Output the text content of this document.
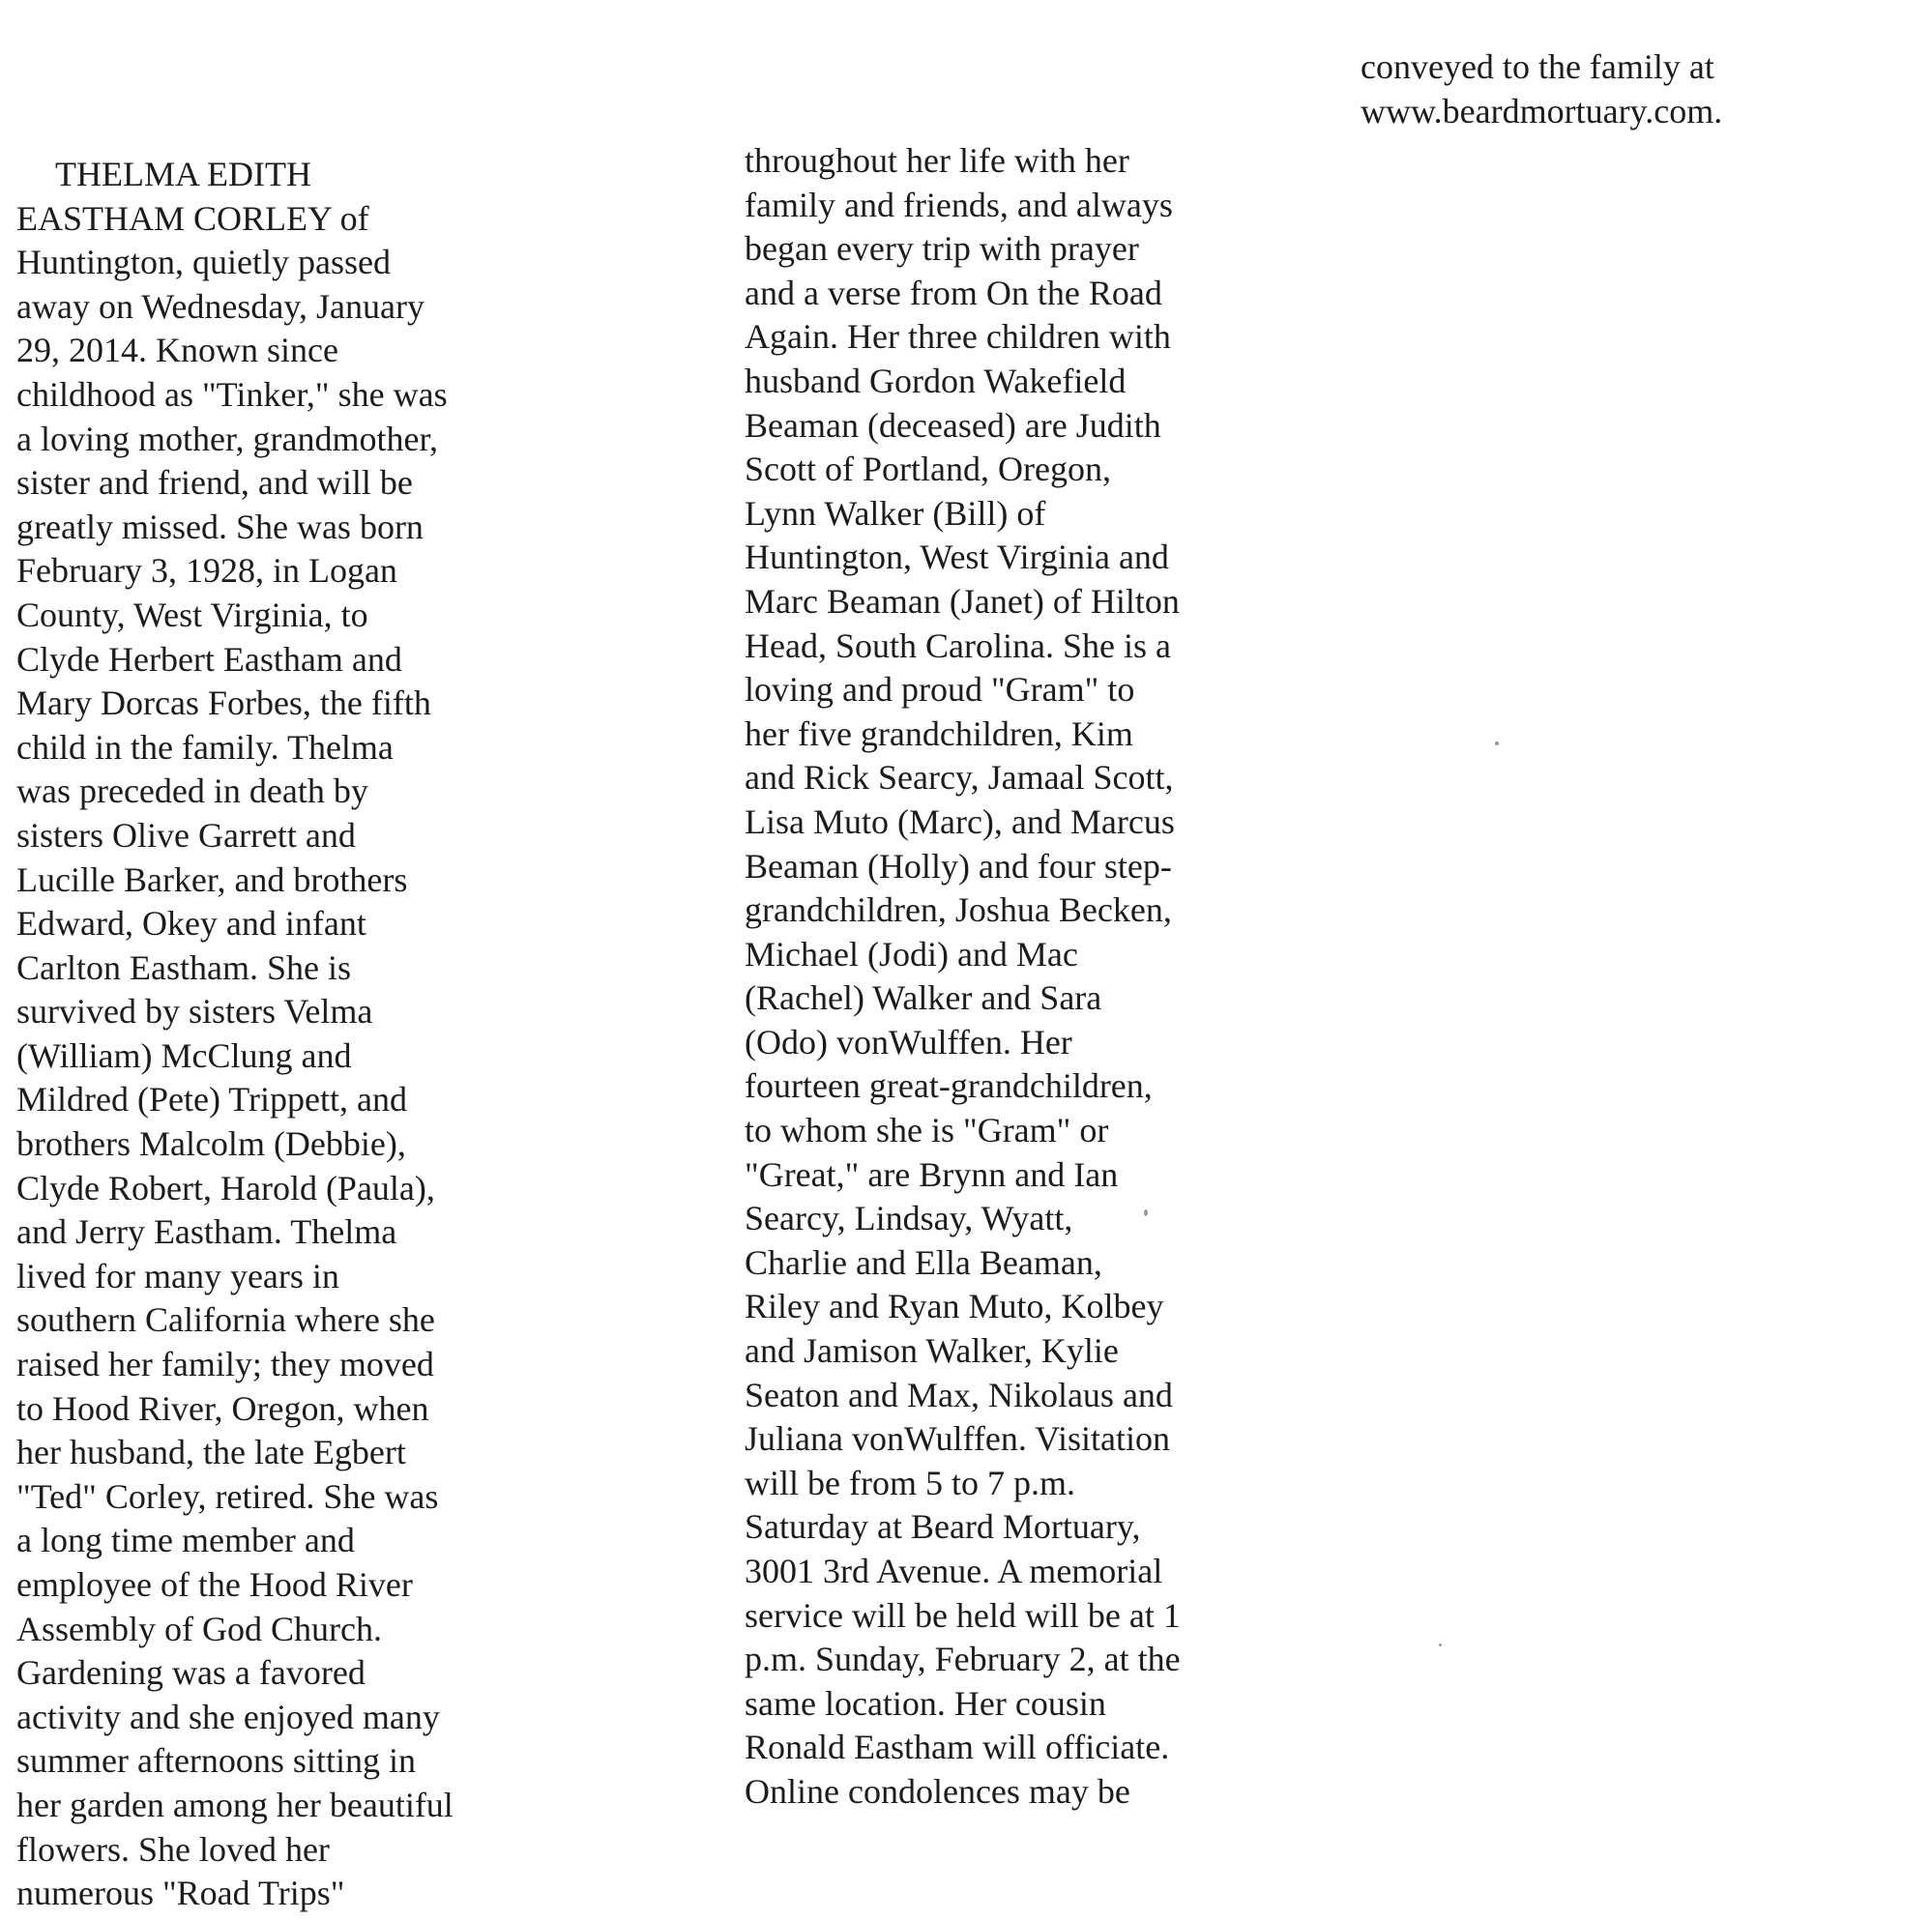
THELMA EDITH
EASTHAM CORLEY of
Huntington, quietly passed
away on Wednesday, January
29, 2014. Known since
childhood as "Tinker," she was
a loving mother, grandmother,
sister and friend, and will be
greatly missed. She was born
February 3, 1928, in Logan
County, West Virginia, to
Clyde Herbert Eastham and
Mary Dorcas Forbes, the fifth
child in the family. Thelma
was preceded in death by
sisters Olive Garrett and
Lucille Barker, and brothers
Edward, Okey and infant
Carlton Eastham. She is
survived by sisters Velma
(William) McClung and
Mildred (Pete) Trippett, and
brothers Malcolm (Debbie),
Clyde Robert, Harold (Paula),
and Jerry Eastham. Thelma
lived for many years in
southern California where she
raised her family; they moved
to Hood River, Oregon, when
her husband, the late Egbert
"Ted" Corley, retired. She was
a long time member and
employee of the Hood River
Assembly of God Church.
Gardening was a favored
activity and she enjoyed many
summer afternoons sitting in
her garden among her beautiful
flowers. She loved her
numerous "Road Trips"
throughout her life with her
family and friends, and always
began every trip with prayer
and a verse from On the Road
Again. Her three children with
husband Gordon Wakefield
Beaman (deceased) are Judith
Scott of Portland, Oregon,
Lynn Walker (Bill) of
Huntington, West Virginia and
Marc Beaman (Janet) of Hilton
Head, South Carolina. She is a
loving and proud "Gram" to
her five grandchildren, Kim
and Rick Searcy, Jamaal Scott,
Lisa Muto (Marc), and Marcus
Beaman (Holly) and four step-
grandchildren, Joshua Becken,
Michael (Jodi) and Mac
(Rachel) Walker and Sara
(Odo) vonWulffen. Her
fourteen great-grandchildren,
to whom she is "Gram" or
"Great," are Brynn and Ian
Searcy, Lindsay, Wyatt,
Charlie and Ella Beaman,
Riley and Ryan Muto, Kolbey
and Jamison Walker, Kylie
Seaton and Max, Nikolaus and
Juliana vonWulffen. Visitation
will be from 5 to 7 p.m.
Saturday at Beard Mortuary,
3001 3rd Avenue. A memorial
service will be held will be at 1
p.m. Sunday, February 2, at the
same location. Her cousin
Ronald Eastham will officiate.
Online condolences may be
conveyed to the family at
www.beardmortuary.com.
